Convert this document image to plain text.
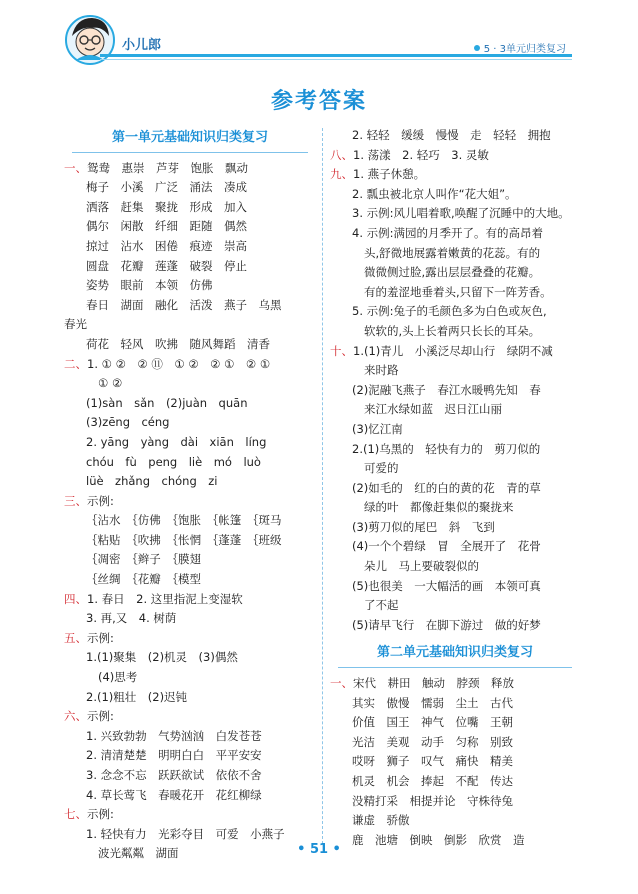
小儿郎	5 · 3单元归类复习
参考答案
第一单元基础知识归类复习
一、鸳鸯　惠崇　芦芽　饱胀　飘动
梅子　小溪　广泛　涌法　凑成
洒落　赶集　聚拢　形成　加入
偶尔　闲散　纤细　距随　偶然
掠过　沾水　困倦　痕迹　崇高
圆盘　花瓣　莲蓬　破裂　停止
姿势　眼前　本领　仿佛
春日　湖面　融化　活泼　燕子　乌黑
春光
荷花　轻风　吹拂　随风舞蹈　清香
二、1. ① ②　② ⑪　① ②　② ①　② ①
① ②
(1)sàn　sǎn　(2)juàn　quān
(3)zēng　céng
2. yāng　yàng　dài　xiān　líng
chóu　fù　peng　liè　mó　luò
lüè　zhǎng　chóng　zi
三、示例:
｛沾水　｛仿佛　｛饱胀　｛帐篷　｛斑马
｛粘贴　｛吹拂　｛怅惘　｛蓬蓬　｛班级
｛凋密　｛辫子　｛膜翅
｛丝绸　｛花瓣　｛模型
四、1. 春日　2. 这里指泥上变湿软
3. 再,又　4. 树荫
五、示例:
1.(1)聚集　(2)机灵　(3)偶然
(4)思考
2.(1)粗壮　(2)迟钝
六、示例:
1. 兴致勃勃　气势汹汹　白发苍苍
2. 清清楚楚　明明白白　平平安安
3. 念念不忘　跃跃欲试　依依不舍
4. 草长莺飞　春暖花开　花红柳绿
七、示例:
1. 轻快有力　光彩夺目　可爱　小燕子
波光粼粼　湖面
2. 轻轻　缓缓　慢慢　走　轻轻　拥抱
八、1. 荡漾　2. 轻巧　3. 灵敏
九、1. 燕子休憩。
2. 瓢虫被北京人叫作“花大姐”。
3. 示例:风儿唱着歌,唤醒了沉睡中的大地。
4. 示例:满园的月季开了。有的高昂着
头,舒微地展露着嫩黄的花蕊。有的
微微侧过脸,露出层层叠叠的花瓣。
有的羞涩地垂着头,只留下一阵芳香。
5. 示例:兔子的毛颜色多为白色或灰色,
软软的,头上长着两只长长的耳朵。
十、1.(1)青儿　小溪泛尽却山行　绿阴不减
来时路
(2)泥融飞燕子　春江水暖鸭先知　春
来江水绿如蓝　迟日江山丽
(3)忆江南
2.(1)乌黑的　轻快有力的　剪刀似的
可爱的
(2)如毛的　红的白的黄的花　青的草
绿的叶　都像赶集似的聚拢来
(3)剪刀似的尾巴　斜　飞到
(4)一个个碧绿　冒　全展开了　花骨
朵儿　马上要破裂似的
(5)也很美　一大幅活的画　本领可真
了不起
(5)请早飞行　在脚下游过　做的好梦
第二单元基础知识归类复习
一、宋代　耕田　触动　脖颈　释放
其实　傲慢　懦弱　尘土　古代
价值　国王　神气　位嘴　王朝
光洁　美观　动手　匀称　别致
哎呀　狮子　叹气　痛快　精美
机灵　机会　捧起　不配　传达
没精打采　相提并论　守株待兔
谦虚　骄傲
鹿　池塘　倒映　倒影　欣赏　造
• 51 •
